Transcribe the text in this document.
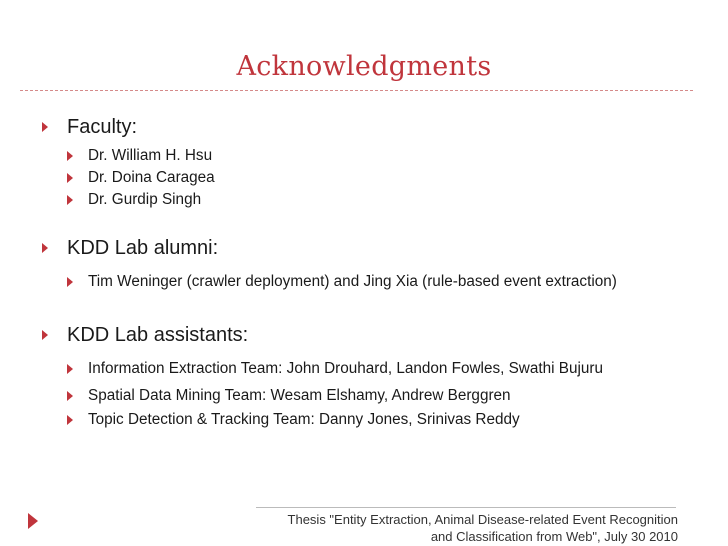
Acknowledgments
Faculty:
Dr. William H. Hsu
Dr. Doina Caragea
Dr. Gurdip Singh
KDD Lab alumni:
Tim Weninger (crawler deployment) and Jing Xia (rule-based event extraction)
KDD Lab assistants:
Information Extraction Team: John Drouhard, Landon Fowles, Swathi Bujuru
Spatial Data Mining Team: Wesam Elshamy, Andrew Berggren
Topic Detection & Tracking Team: Danny Jones, Srinivas Reddy
Thesis "Entity Extraction, Animal Disease-related Event Recognition
and Classification from Web", July 30 2010
